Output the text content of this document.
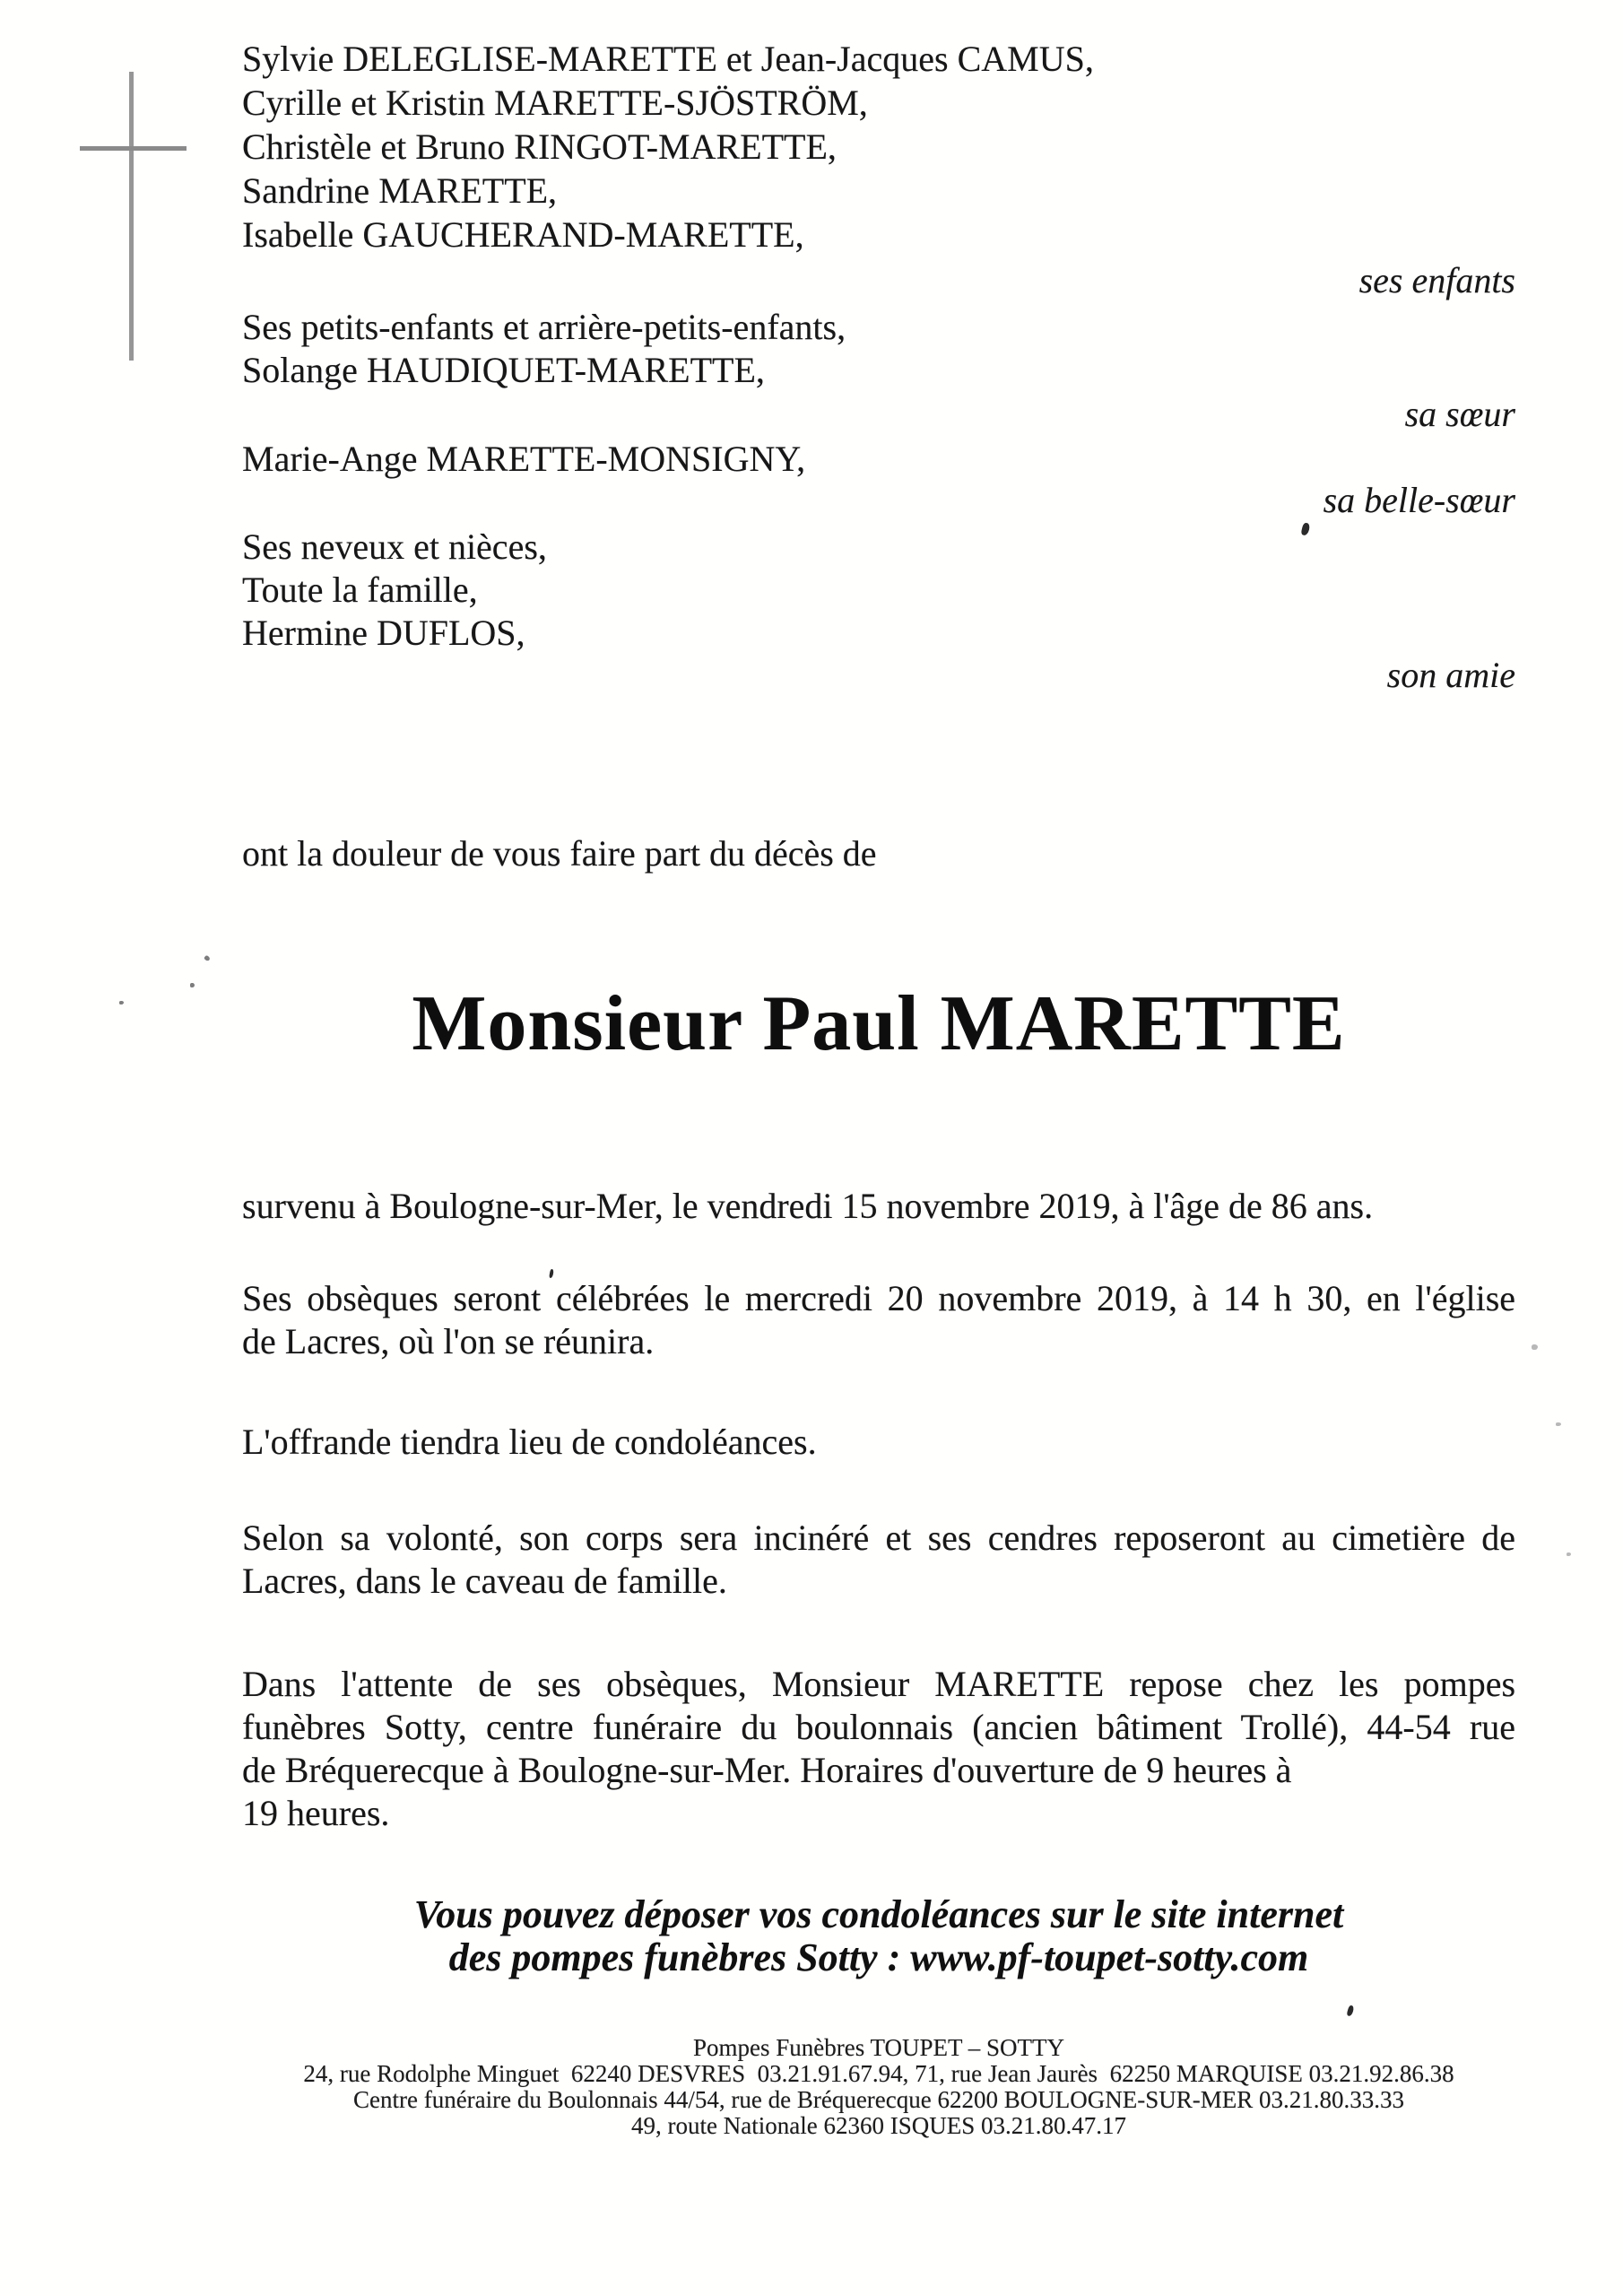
Sylvie DELEGLISE-MARETTE et Jean-Jacques CAMUS,
Cyrille et Kristin MARETTE-SJÖSTRÖM,
Christèle et Bruno RINGOT-MARETTE,
Sandrine MARETTE,
Isabelle GAUCHERAND-MARETTE,
ses enfants
Ses petits-enfants et arrière-petits-enfants,
Solange HAUDIQUET-MARETTE,
sa sœur
Marie-Ange MARETTE-MONSIGNY,
sa belle-sœur
Ses neveux et nièces,
Toute la famille,
Hermine DUFLOS,
son amie
ont la douleur de vous faire part du décès de
Monsieur Paul MARETTE
survenu à Boulogne-sur-Mer, le vendredi 15 novembre 2019, à l'âge de 86 ans.
Ses obsèques seront célébrées le mercredi 20 novembre 2019, à 14 h 30, en l'église
de Lacres, où l'on se réunira.
L'offrande tiendra lieu de condoléances.
Selon sa volonté, son corps sera incinéré et ses cendres reposeront au cimetière de
Lacres, dans le caveau de famille.
Dans l'attente de ses obsèques, Monsieur MARETTE repose chez les pompes
funèbres Sotty, centre funéraire du boulonnais (ancien bâtiment Trollé), 44-54 rue
de Bréquerecque à Boulogne-sur-Mer. Horaires d'ouverture de 9 heures à
19 heures.
Vous pouvez déposer vos condoléances sur le site internet
des pompes funèbres Sotty : www.pf-toupet-sotty.com
Pompes Funèbres TOUPET – SOTTY
24, rue Rodolphe Minguet  62240 DESVRES  03.21.91.67.94, 71, rue Jean Jaurès  62250 MARQUISE 03.21.92.86.38
Centre funéraire du Boulonnais 44/54, rue de Bréquerecque 62200 BOULOGNE-SUR-MER 03.21.80.33.33
49, route Nationale 62360 ISQUES 03.21.80.47.17
